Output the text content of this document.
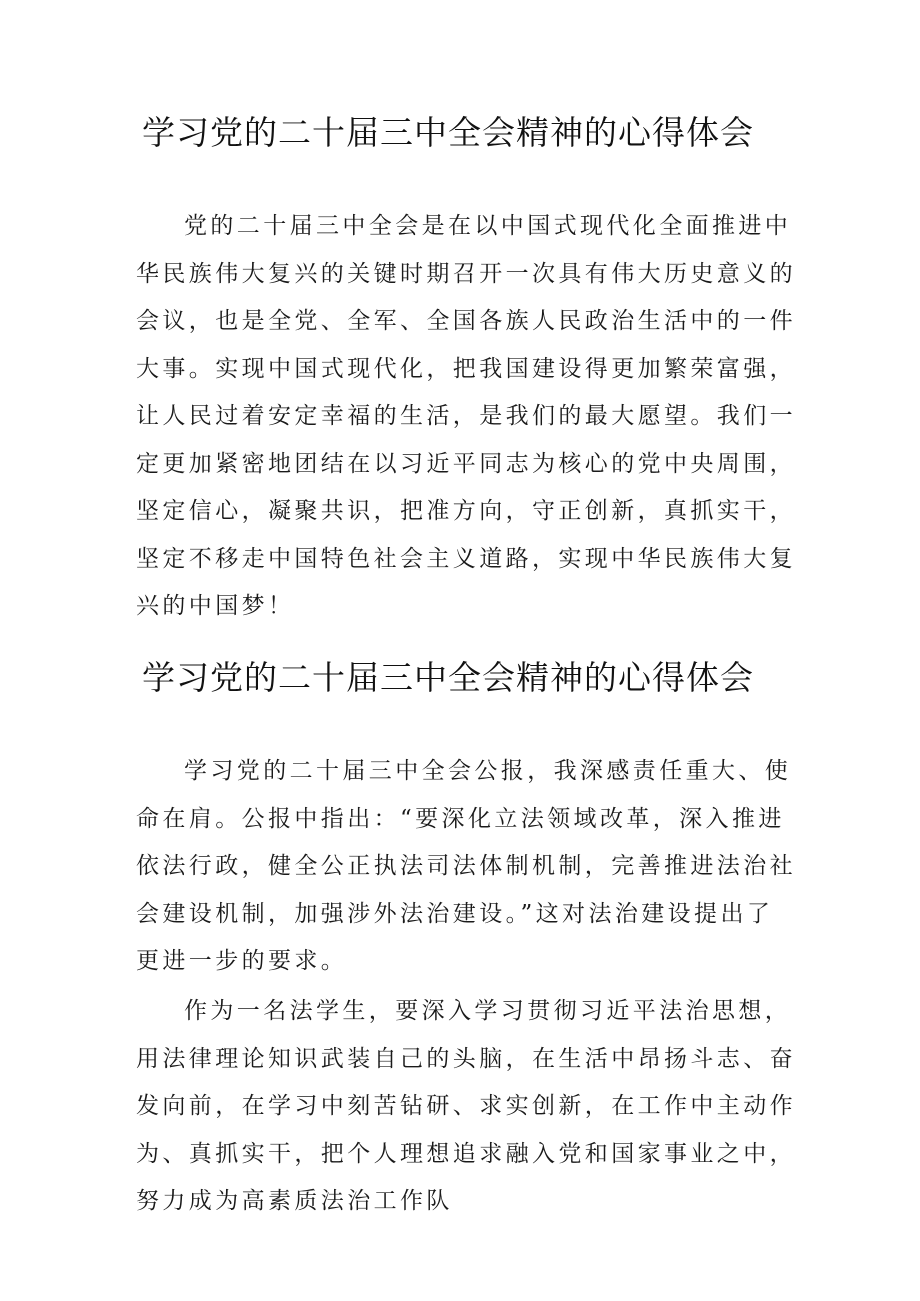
学习党的二十届三中全会精神的心得体会

党的二十届三中全会是在以中国式现代化全面推进中华民族伟大复兴的关键时期召开一次具有伟大历史意义的会议，也是全党、全军、全国各族人民政治生活中的一件大事。实现中国式现代化，把我国建设得更加繁荣富强，让人民过着安定幸福的生活，是我们的最大愿望。我们一定更加紧密地团结在以习近平同志为核心的党中央周围，坚定信心，凝聚共识，把准方向，守正创新，真抓实干，坚定不移走中国特色社会主义道路，实现中华民族伟大复兴的中国梦！

学习党的二十届三中全会精神的心得体会

学习党的二十届三中全会公报，我深感责任重大、使命在肩。公报中指出：“要深化立法领域改革，深入推进依法行政，健全公正执法司法体制机制，完善推进法治社会建设机制，加强涉外法治建设。”这对法治建设提出了更进一步的要求。

作为一名法学生，要深入学习贯彻习近平法治思想，用法律理论知识武装自己的头脑，在生活中昂扬斗志、奋发向前，在学习中刻苦钻研、求实创新，在工作中主动作为、真抓实干，把个人理想追求融入党和国家事业之中，努力成为高素质法治工作队
